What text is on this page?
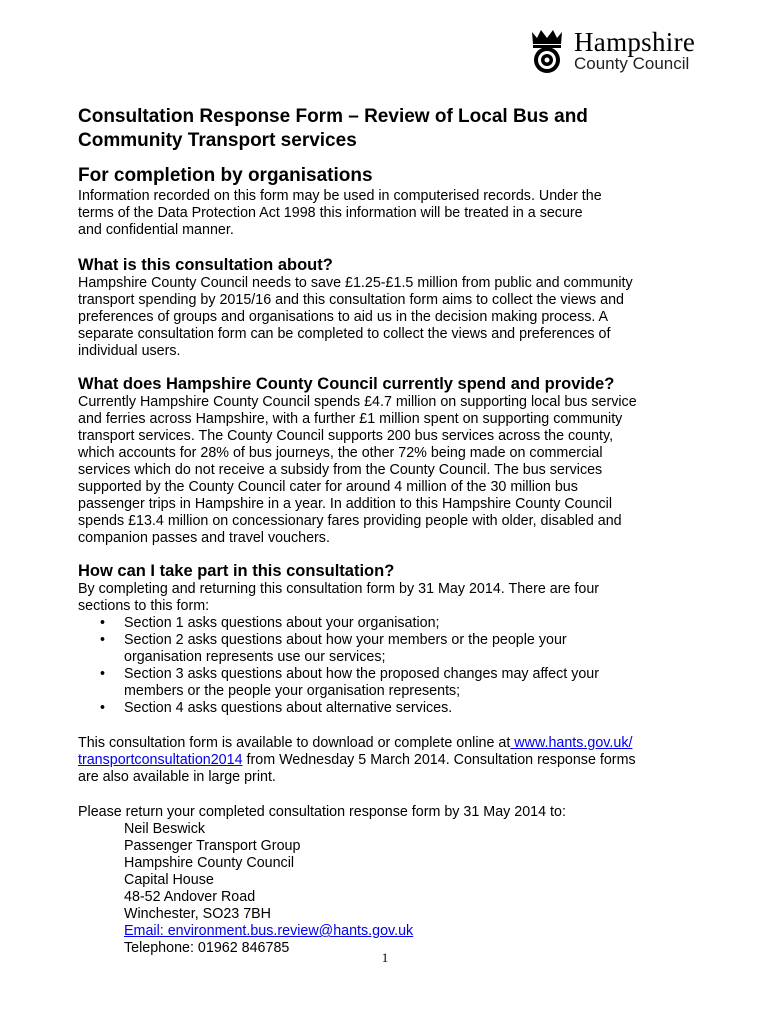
Hampshire
County Council
Consultation Response Form – Review of Local Bus and
Community Transport services
For completion by organisations
Information recorded on this form may be used in computerised records. Under the
terms of the Data Protection Act 1998 this information will be treated in a secure
and confidential manner.
What is this consultation about?
Hampshire County Council needs to save £1.25-£1.5 million from public and community
transport spending by 2015/16 and this consultation form aims to collect the views and
preferences of groups and organisations to aid us in the decision making process. A
separate consultation form can be completed to collect the views and preferences of
individual users.
What does Hampshire County Council currently spend and provide?
Currently Hampshire County Council spends £4.7 million on supporting local bus service
and ferries across Hampshire, with a further £1 million spent on supporting community
transport services. The County Council supports 200 bus services across the county,
which accounts for 28% of bus journeys, the other 72% being made on commercial
services which do not receive a subsidy from the County Council. The bus services
supported by the County Council cater for around 4 million of the 30 million bus
passenger trips in Hampshire in a year. In addition to this Hampshire County Council
spends £13.4 million on concessionary fares providing people with older, disabled and
companion passes and travel vouchers.
How can I take part in this consultation?
By completing and returning this consultation form by 31 May 2014. There are four
sections to this form:
• Section 1 asks questions about your organisation;
• Section 2 asks questions about how your members or the people your
organisation represents use our services;
• Section 3 asks questions about how the proposed changes may affect your
members or the people your organisation represents;
• Section 4 asks questions about alternative services.
This consultation form is available to download or complete online at www.hants.gov.uk/
transportconsultation2014 from Wednesday 5 March 2014. Consultation response forms
are also available in large print.
Please return your completed consultation response form by 31 May 2014 to:
Neil Beswick
Passenger Transport Group
Hampshire County Council
Capital House
48-52 Andover Road
Winchester, SO23 7BH
Email: environment.bus.review@hants.gov.uk
Telephone: 01962 846785
1
